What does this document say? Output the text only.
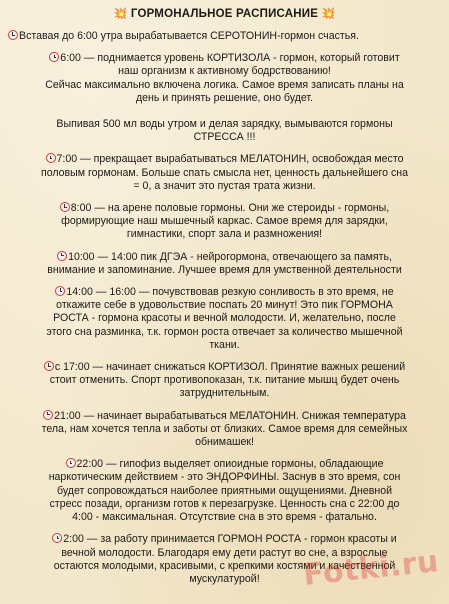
💥 ГОРМОНАЛЬНОЕ РАСПИСАНИЕ 💥
Вставая до 6:00 утра вырабатывается СЕРОТОНИН-гормон счастья.
6:00 — поднимается уровень КОРТИЗОЛА - гормон, который готовит
наш организм к активному бодрствованию!
Сейчас максимально включена логика. Самое время записать планы на
день и принять решение, оно будет.
Выпивая 500 мл воды утром и делая зарядку, вымываются гормоны
СТРЕССА !!!
7:00 — прекращает вырабатываться МЕЛАТОНИН, освобождая место
половым гормонам. Больше спать смысла нет, ценность дальнейшего сна
= 0, а значит это пустая трата жизни.
8:00 — на арене половые гормоны. Они же стероиды - гормоны,
формирующие наш мышечный каркас. Самое время для зарядки,
гимнастики, спорт зала и размножения!
10:00 — 14:00 пик ДГЭА - нейрогормона, отвечающего за память,
внимание и запоминание. Лучшее время для умственной деятельности
14:00 — 16:00 — почувствовав резкую сонливость в это время, не
откажите себе в удовольствие поспать 20 минут! Это пик ГОРМОНА
РОСТА - гормона красоты и вечной молодости. И, желательно, после
этого сна разминка, т.к. гормон роста отвечает за количество мышечной
ткани.
с 17:00 — начинает снижаться КОРТИЗОЛ. Принятие важных решений
стоит отменить. Спорт противопоказан, т.к. питание мышц будет очень
затруднительным.
21:00 — начинает вырабатываться МЕЛАТОНИН. Снижая температура
тела, нам хочется тепла и заботы от близких. Самое время для семейных
обнимашек!
22:00 — гипофиз выделяет опиоидные гормоны, обладающие
наркотическим действием - это ЭНДОРФИНЫ. Заснув в это время, сон
будет сопровождаться наиболее приятными ощущениями. Дневной
стресс позади, организм готов к перезагрузке. Ценность сна с 22:00 до
4:00 - максимальная. Отсутствие сна в это время - фатально.
2:00 — за работу принимается ГОРМОН РОСТА - гормон красоты и
вечной молодости. Благодаря ему дети растут во сне, а взрослые
остаются молодыми, красивыми, с крепкими костями и качественной
мускулатурой!	Fotki.ru
